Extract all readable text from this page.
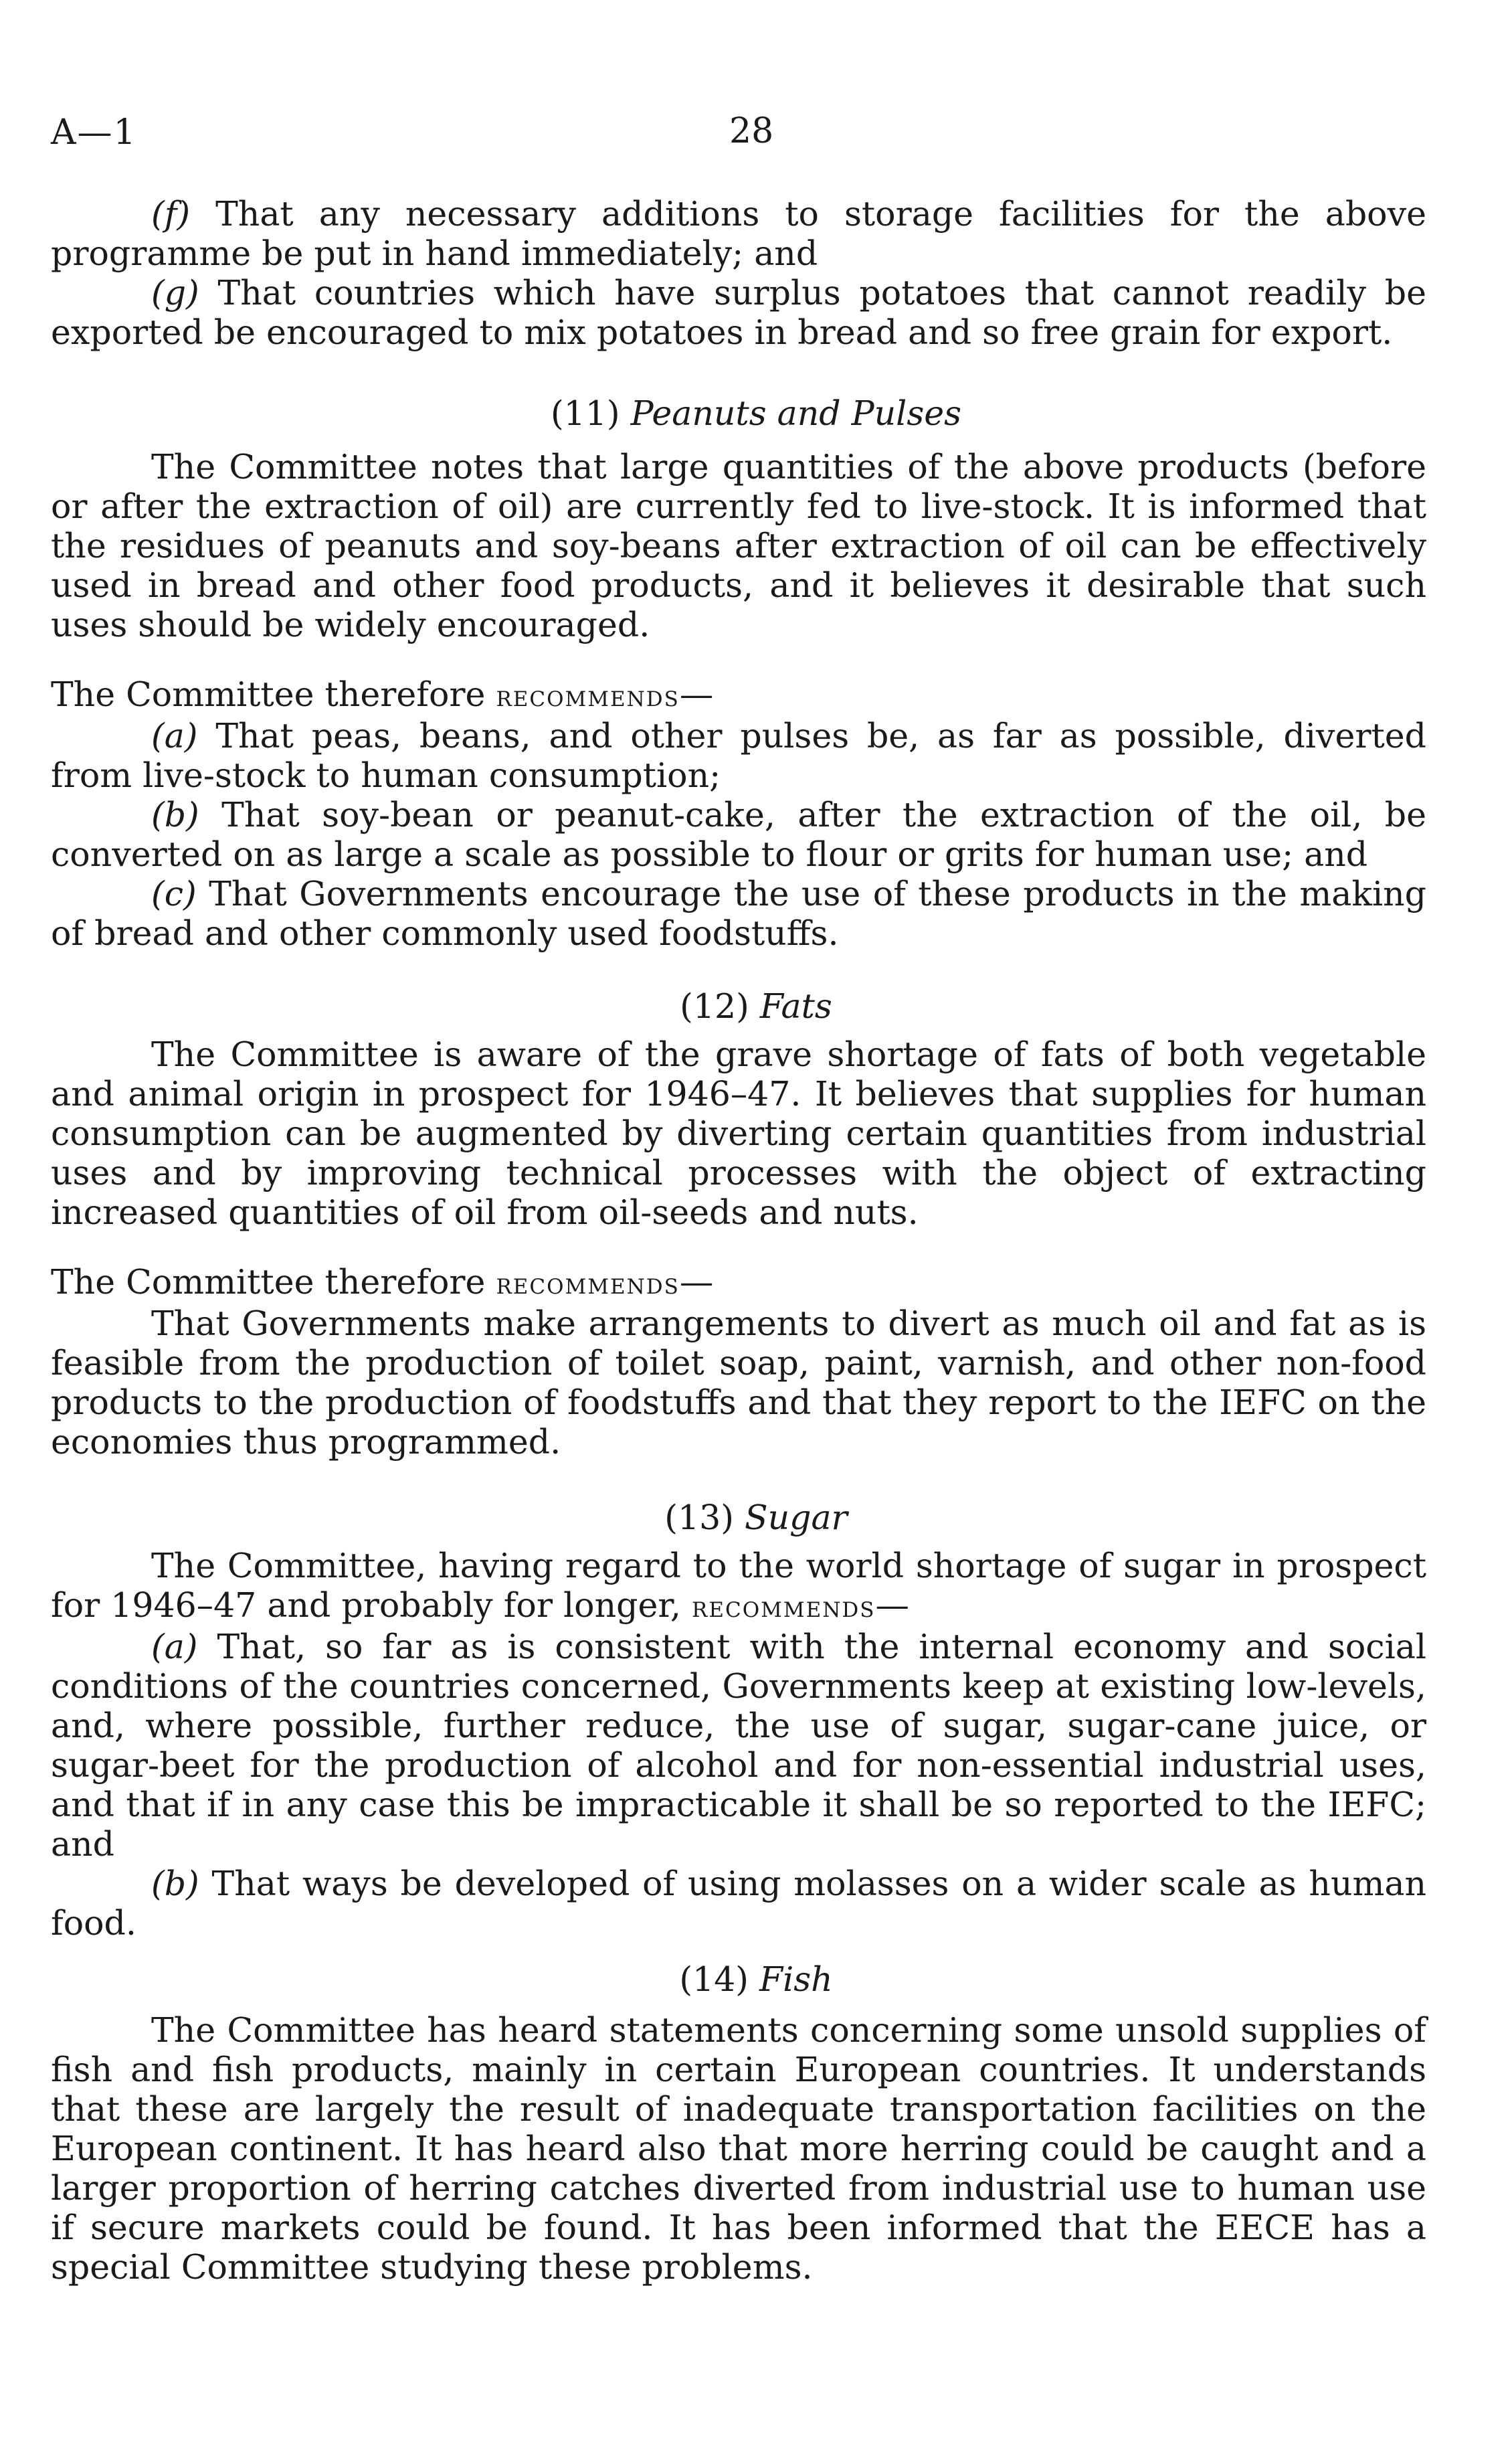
A—1	28

(f) That any necessary additions to storage facilities for the above programme be put in hand immediately; and

(g) That countries which have surplus potatoes that cannot readily be exported be encouraged to mix potatoes in bread and so free grain for export.

(11) Peanuts and Pulses

The Committee notes that large quantities of the above products (before or after the extraction of oil) are currently fed to live-stock. It is informed that the residues of peanuts and soy-beans after extraction of oil can be effectively used in bread and other food products, and it believes it desirable that such uses should be widely encouraged.

The Committee therefore recommends—

(a) That peas, beans, and other pulses be, as far as possible, diverted from live-stock to human consumption;

(b) That soy-bean or peanut-cake, after the extraction of the oil, be converted on as large a scale as possible to flour or grits for human use; and

(c) That Governments encourage the use of these products in the making of bread and other commonly used foodstuffs.

(12) Fats

The Committee is aware of the grave shortage of fats of both vegetable and animal origin in prospect for 1946–47. It believes that supplies for human consumption can be augmented by diverting certain quantities from industrial uses and by improving technical processes with the object of extracting increased quantities of oil from oil-seeds and nuts.

The Committee therefore recommends—

That Governments make arrangements to divert as much oil and fat as is feasible from the production of toilet soap, paint, varnish, and other non-food products to the production of foodstuffs and that they report to the IEFC on the economies thus programmed.

(13) Sugar

The Committee, having regard to the world shortage of sugar in prospect for 1946–47 and probably for longer, recommends—

(a) That, so far as is consistent with the internal economy and social conditions of the countries concerned, Governments keep at existing low-levels, and, where possible, further reduce, the use of sugar, sugar-cane juice, or sugar-beet for the production of alcohol and for non-essential industrial uses, and that if in any case this be impracticable it shall be so reported to the IEFC; and

(b) That ways be developed of using molasses on a wider scale as human food.

(14) Fish

The Committee has heard statements concerning some unsold supplies of fish and fish products, mainly in certain European countries. It understands that these are largely the result of inadequate transportation facilities on the European continent. It has heard also that more herring could be caught and a larger proportion of herring catches diverted from industrial use to human use if secure markets could be found. It has been informed that the EECE has a special Committee studying these problems.
